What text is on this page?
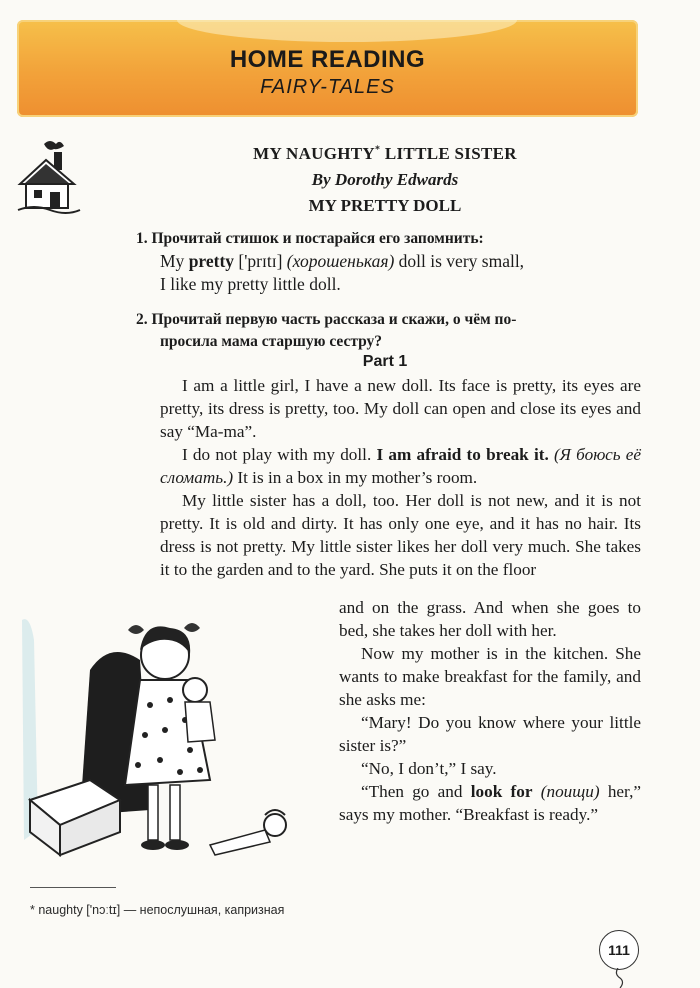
HOME READING
FAIRY-TALES
MY NAUGHTY* LITTLE SISTER
By Dorothy Edwards
MY PRETTY DOLL
1. Прочитай стишок и постарайся его запомнить:
My pretty ['prɪtɪ] (хорошенькая) doll is very small,
I like my pretty little doll.
2. Прочитай первую часть рассказа и скажи, о чём по-
просила мама старшую сестру?
Part 1

I am a little girl, I have a new doll. Its face is pretty, its eyes are pretty, its dress is pretty, too. My doll can open and close its eyes and say “Ma-ma”.

I do not play with my doll. I am afraid to break it. (Я боюсь её сломать.) It is in a box in my mother’s room.

My little sister has a doll, too. Her doll is not new, and it is not pretty. It is old and dirty. It has only one eye, and it has no hair. Its dress is not pretty. My little sister likes her doll very much. She takes it to the garden and to the yard. She puts it on the floor

and on the grass. And when she goes to bed, she takes her doll with her.

Now my mother is in the kitchen. She wants to make breakfast for the family, and she asks me:

“Mary! Do you know where your little sister is?”

“No, I don’t,” I say.

“Then go and look for (поищи) her,” says my mother. “Breakfast is ready.”

* naughty ['nɔːtɪ] — непослушная, капризная
111
